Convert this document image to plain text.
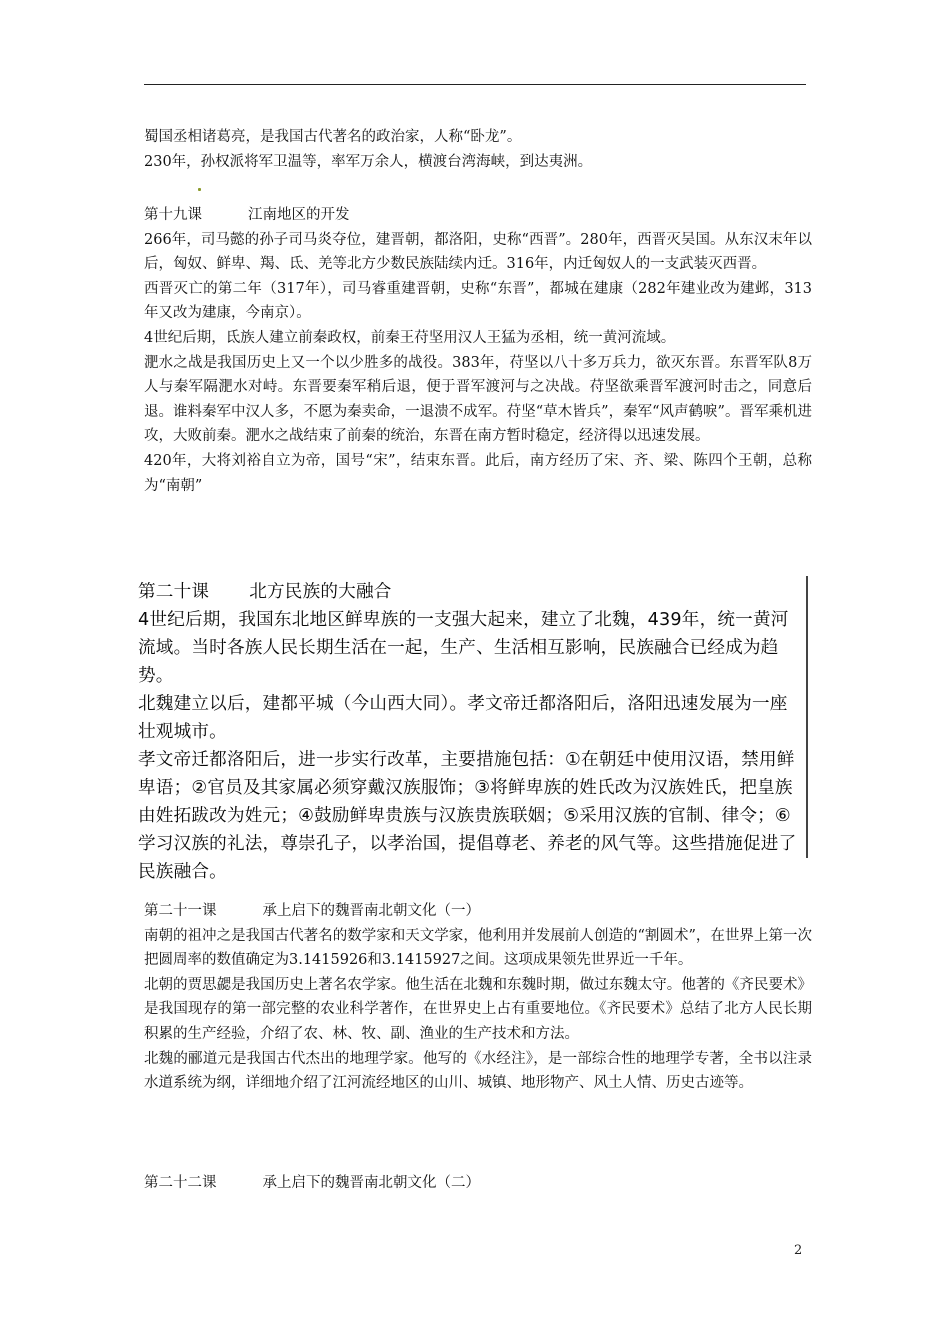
蜀国丞相诸葛亮，是我国古代著名的政治家，人称“卧龙”。

230年，孙权派将军卫温等，率军万余人，横渡台湾海峡，到达夷洲。

第十九课	江南地区的开发

266年，司马懿的孙子司马炎夺位，建晋朝，都洛阳，史称“西晋”。280年，西晋灭吴国。从东汉末年以后，匈奴、鲜卑、羯、氐、羌等北方少数民族陆续内迁。316年，内迁匈奴人的一支武装灭西晋。

西晋灭亡的第二年（317年），司马睿重建晋朝，史称“东晋”，都城在建康（282年建业改为建邺，313年又改为建康，今南京）。

4世纪后期，氐族人建立前秦政权，前秦王苻坚用汉人王猛为丞相，统一黄河流域。

淝水之战是我国历史上又一个以少胜多的战役。383年，苻坚以八十多万兵力，欲灭东晋。东晋军队8万人与秦军隔淝水对峙。东晋要秦军稍后退，便于晋军渡河与之决战。苻坚欲乘晋军渡河时击之，同意后退。谁料秦军中汉人多，不愿为秦卖命，一退溃不成军。苻坚“草木皆兵”，秦军“风声鹤唳”。晋军乘机进攻，大败前秦。淝水之战结束了前秦的统治，东晋在南方暂时稳定，经济得以迅速发展。

420年，大将刘裕自立为帝，国号“宋”，结束东晋。此后，南方经历了宋、齐、梁、陈四个王朝，总称为“南朝”

第二十课 北方民族的大融合

4世纪后期，我国东北地区鲜卑族的一支强大起来，建立了北魏，439年，统一黄河流域。当时各族人民长期生活在一起，生产、生活相互影响，民族融合已经成为趋势。

北魏建立以后，建都平城（今山西大同）。孝文帝迁都洛阳后，洛阳迅速发展为一座壮观城市。

孝文帝迁都洛阳后，进一步实行改革，主要措施包括：①在朝廷中使用汉语，禁用鲜卑语；②官员及其家属必须穿戴汉族服饰；③将鲜卑族的姓氏改为汉族姓氏，把皇族由姓拓跋改为姓元；④鼓励鲜卑贵族与汉族贵族联姻；⑤采用汉族的官制、律令；⑥学习汉族的礼法，尊崇孔子，以孝治国，提倡尊老、养老的风气等。这些措施促进了民族融合。

第二十一课	承上启下的魏晋南北朝文化（一）

南朝的祖冲之是我国古代著名的数学家和天文学家，他利用并发展前人创造的“割圆术”，在世界上第一次把圆周率的数值确定为3.1415926和3.1415927之间。这项成果领先世界近一千年。

北朝的贾思勰是我国历史上著名农学家。他生活在北魏和东魏时期，做过东魏太守。他著的《齐民要术》是我国现存的第一部完整的农业科学著作，在世界史上占有重要地位。《齐民要术》总结了北方人民长期积累的生产经验，介绍了农、林、牧、副、渔业的生产技术和方法。

北魏的郦道元是我国古代杰出的地理学家。他写的《水经注》，是一部综合性的地理学专著，全书以注录水道系统为纲，详细地介绍了江河流经地区的山川、城镇、地形物产、风土人情、历史古迹等。

第二十二课	承上启下的魏晋南北朝文化（二）
2
